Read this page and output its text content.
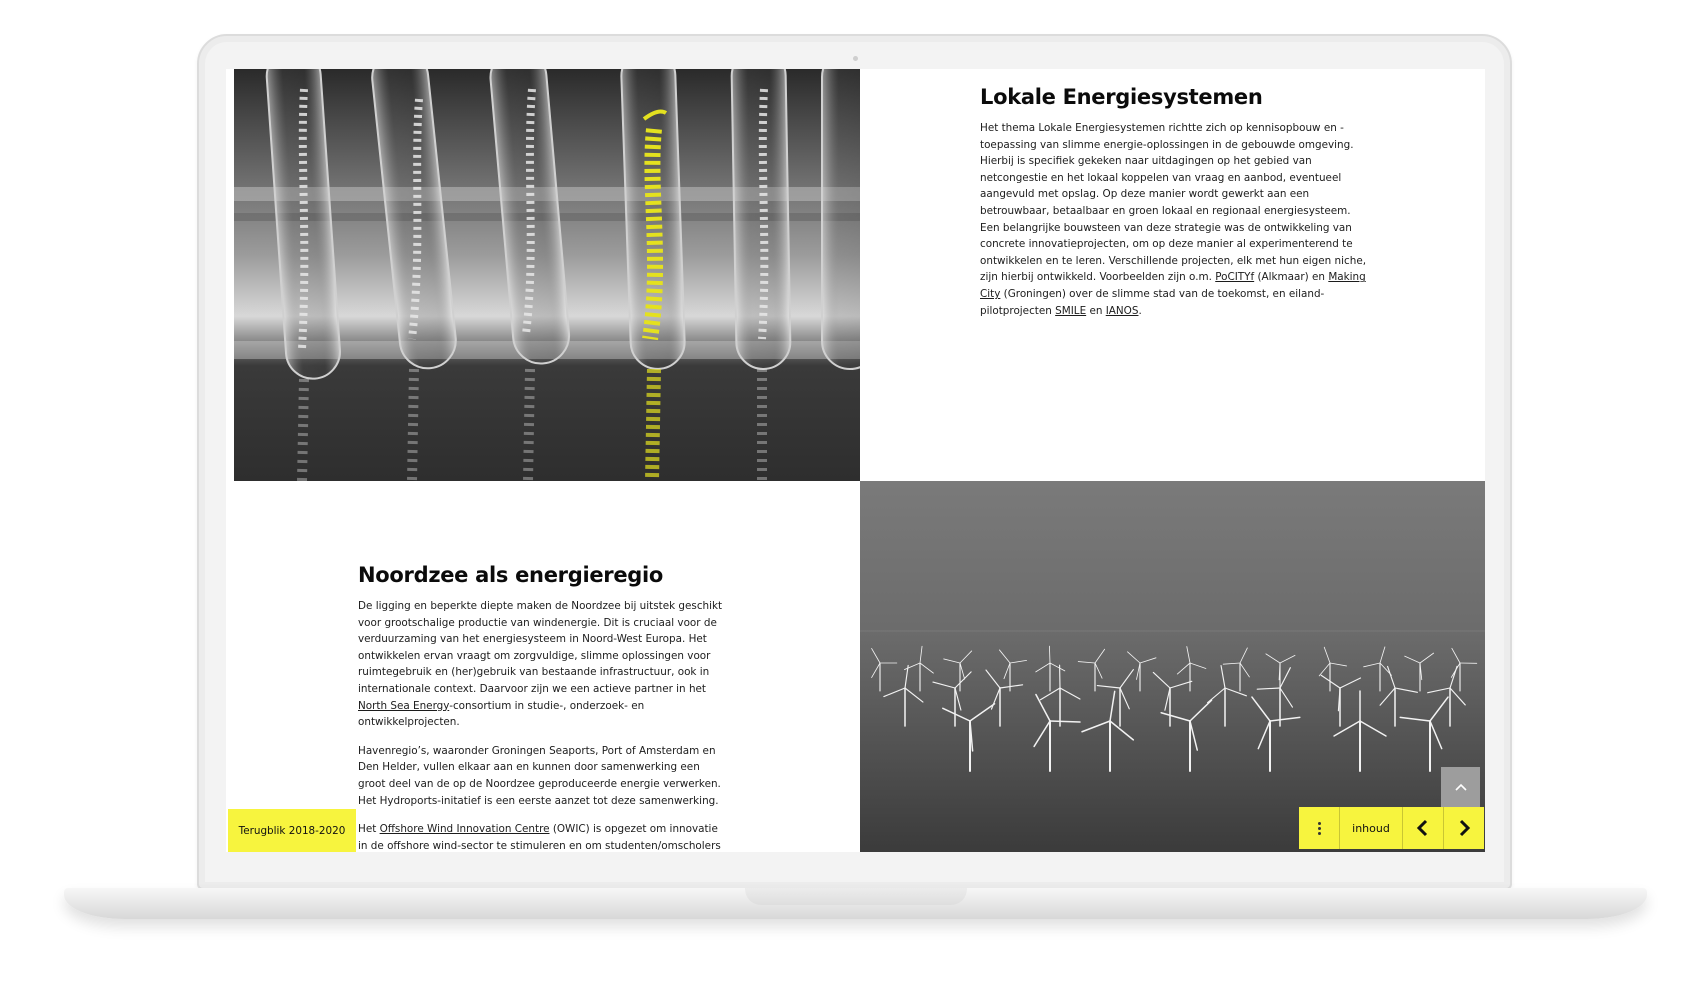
Lokale Energiesystemen

Het thema Lokale Energiesystemen richtte zich op kennisopbouw en -toepassing van slimme energie-oplossingen in de gebouwde omgeving. Hierbij is specifiek gekeken naar uitdagingen op het gebied van netcongestie en het lokaal koppelen van vraag en aanbod, eventueel aangevuld met opslag. Op deze manier wordt gewerkt aan een betrouwbaar, betaalbaar en groen lokaal en regionaal energiesysteem. Een belangrijke bouwsteen van deze strategie was de ontwikkeling van concrete innovatieprojecten, om op deze manier al experimenterend te ontwikkelen en te leren. Verschillende projecten, elk met hun eigen niche, zijn hierbij ontwikkeld. Voorbeelden zijn o.m. PoCITYf (Alkmaar) en Making City (Groningen) over de slimme stad van de toekomst, en eiland-pilotprojecten SMILE en IANOS.

Noordzee als energieregio

De ligging en beperkte diepte maken de Noordzee bij uitstek geschikt voor grootschalige productie van windenergie. Dit is cruciaal voor de verduurzaming van het energiesysteem in Noord-West Europa. Het ontwikkelen ervan vraagt om zorgvuldige, slimme oplossingen voor ruimtegebruik en (her)gebruik van bestaande infrastructuur, ook in internationale context. Daarvoor zijn we een actieve partner in het North Sea Energy-consortium in studie-, onderzoek- en ontwikkelprojecten.

Havenregio’s, waaronder Groningen Seaports, Port of Amsterdam en Den Helder, vullen elkaar aan en kunnen door samenwerking een groot deel van de op de Noordzee geproduceerde energie verwerken. Het Hydroports-initatief is een eerste aanzet tot deze samenwerking.

Het Offshore Wind Innovation Centre (OWIC) is opgezet om innovatie in de offshore wind-sector te stimuleren en om studenten/omscholers

Terugblik 2018-2020	inhoud
